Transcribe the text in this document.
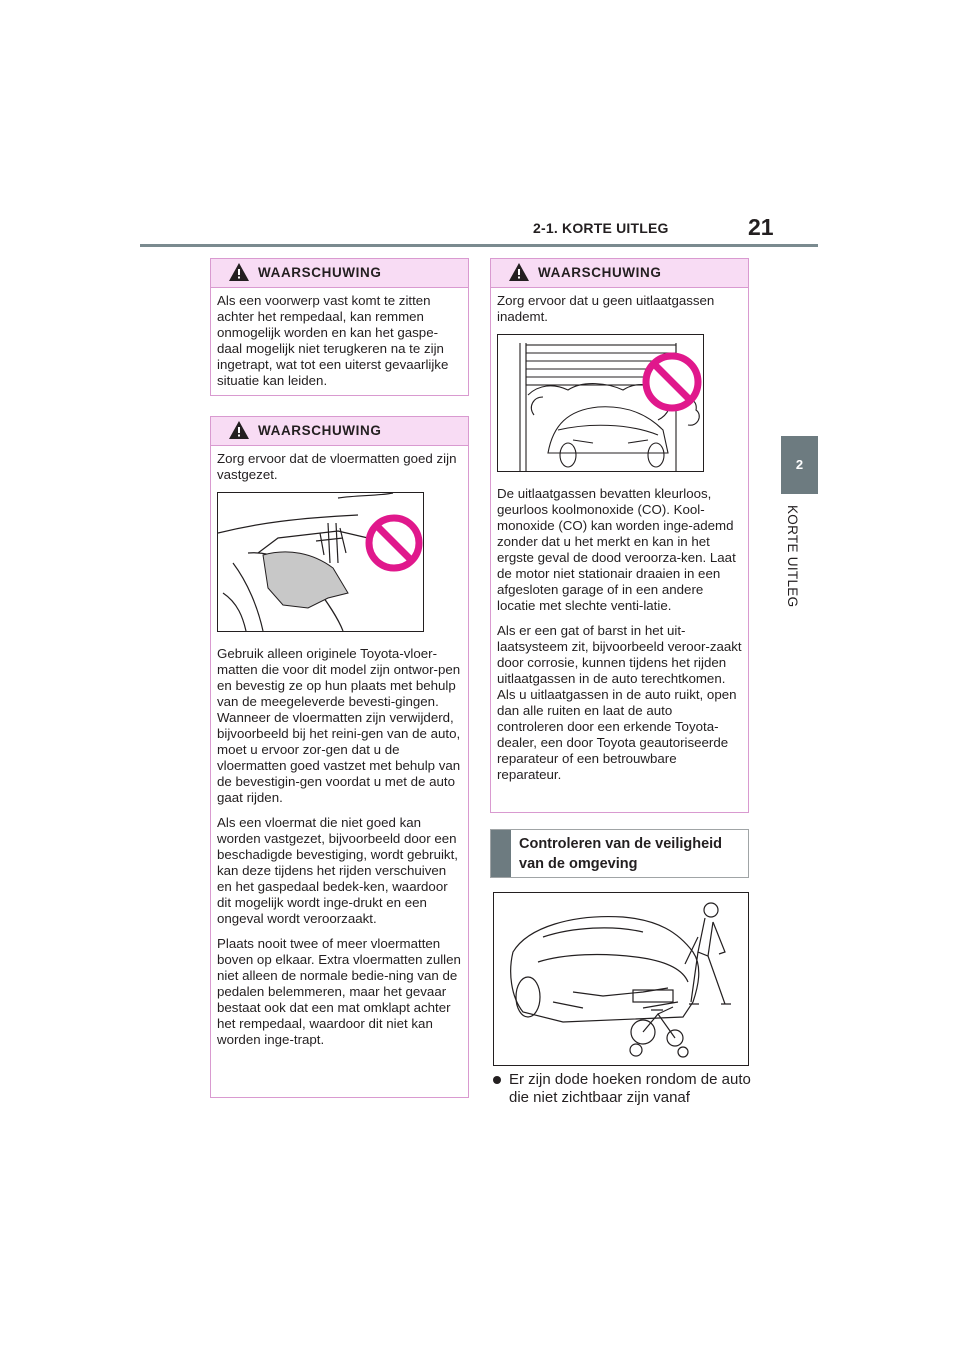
2-1. KORTE UITLEG	21
2
KORTE UITLEG
WAARSCHUWING

Als een voorwerp vast komt te zitten achter het rempedaal, kan remmen onmogelijk worden en kan het gaspe-daal mogelijk niet terugkeren na te zijn ingetrapt, wat tot een uiterst gevaarlijke situatie kan leiden.

WAARSCHUWING

Zorg ervoor dat de vloermatten goed zijn vastgezet.

Gebruik alleen originele Toyota-vloer-matten die voor dit model zijn ontwor-pen en bevestig ze op hun plaats met behulp van de meegeleverde bevesti-gingen. Wanneer de vloermatten zijn verwijderd, bijvoorbeeld bij het reini-gen van de auto, moet u ervoor zor-gen dat u de vloermatten goed vastzet met behulp van de bevestigin-gen voordat u met de auto gaat rijden.

Als een vloermat die niet goed kan worden vastgezet, bijvoorbeeld door een beschadigde bevestiging, wordt gebruikt, kan deze tijdens het rijden verschuiven en het gaspedaal bedek-ken, waardoor dit mogelijk wordt inge-drukt en een ongeval wordt veroorzaakt.

Plaats nooit twee of meer vloermatten boven op elkaar. Extra vloermatten zullen niet alleen de normale bedie-ning van de pedalen belemmeren, maar het gevaar bestaat ook dat een mat omklapt achter het rempedaal, waardoor dit niet kan worden inge-trapt.

WAARSCHUWING

Zorg ervoor dat u geen uitlaatgassen inademt.

De uitlaatgassen bevatten kleurloos, geurloos koolmonoxide (CO). Kool-monoxide (CO) kan worden inge-ademd zonder dat u het merkt en kan in het ergste geval de dood veroorza-ken. Laat de motor niet stationair draaien in een afgesloten garage of in een andere locatie met slechte venti-latie.

Als er een gat of barst in het uit-laatsysteem zit, bijvoorbeeld veroor-zaakt door corrosie, kunnen tijdens het rijden uitlaatgassen in de auto terechtkomen. Als u uitlaatgassen in de auto ruikt, open dan alle ruiten en laat de auto controleren door een erkende Toyota-dealer, een door Toyota geautoriseerde reparateur of een betrouwbare reparateur.

Controleren van de veiligheid van de omgeving
Er zijn dode hoeken rondom de auto die niet zichtbaar zijn vanaf
